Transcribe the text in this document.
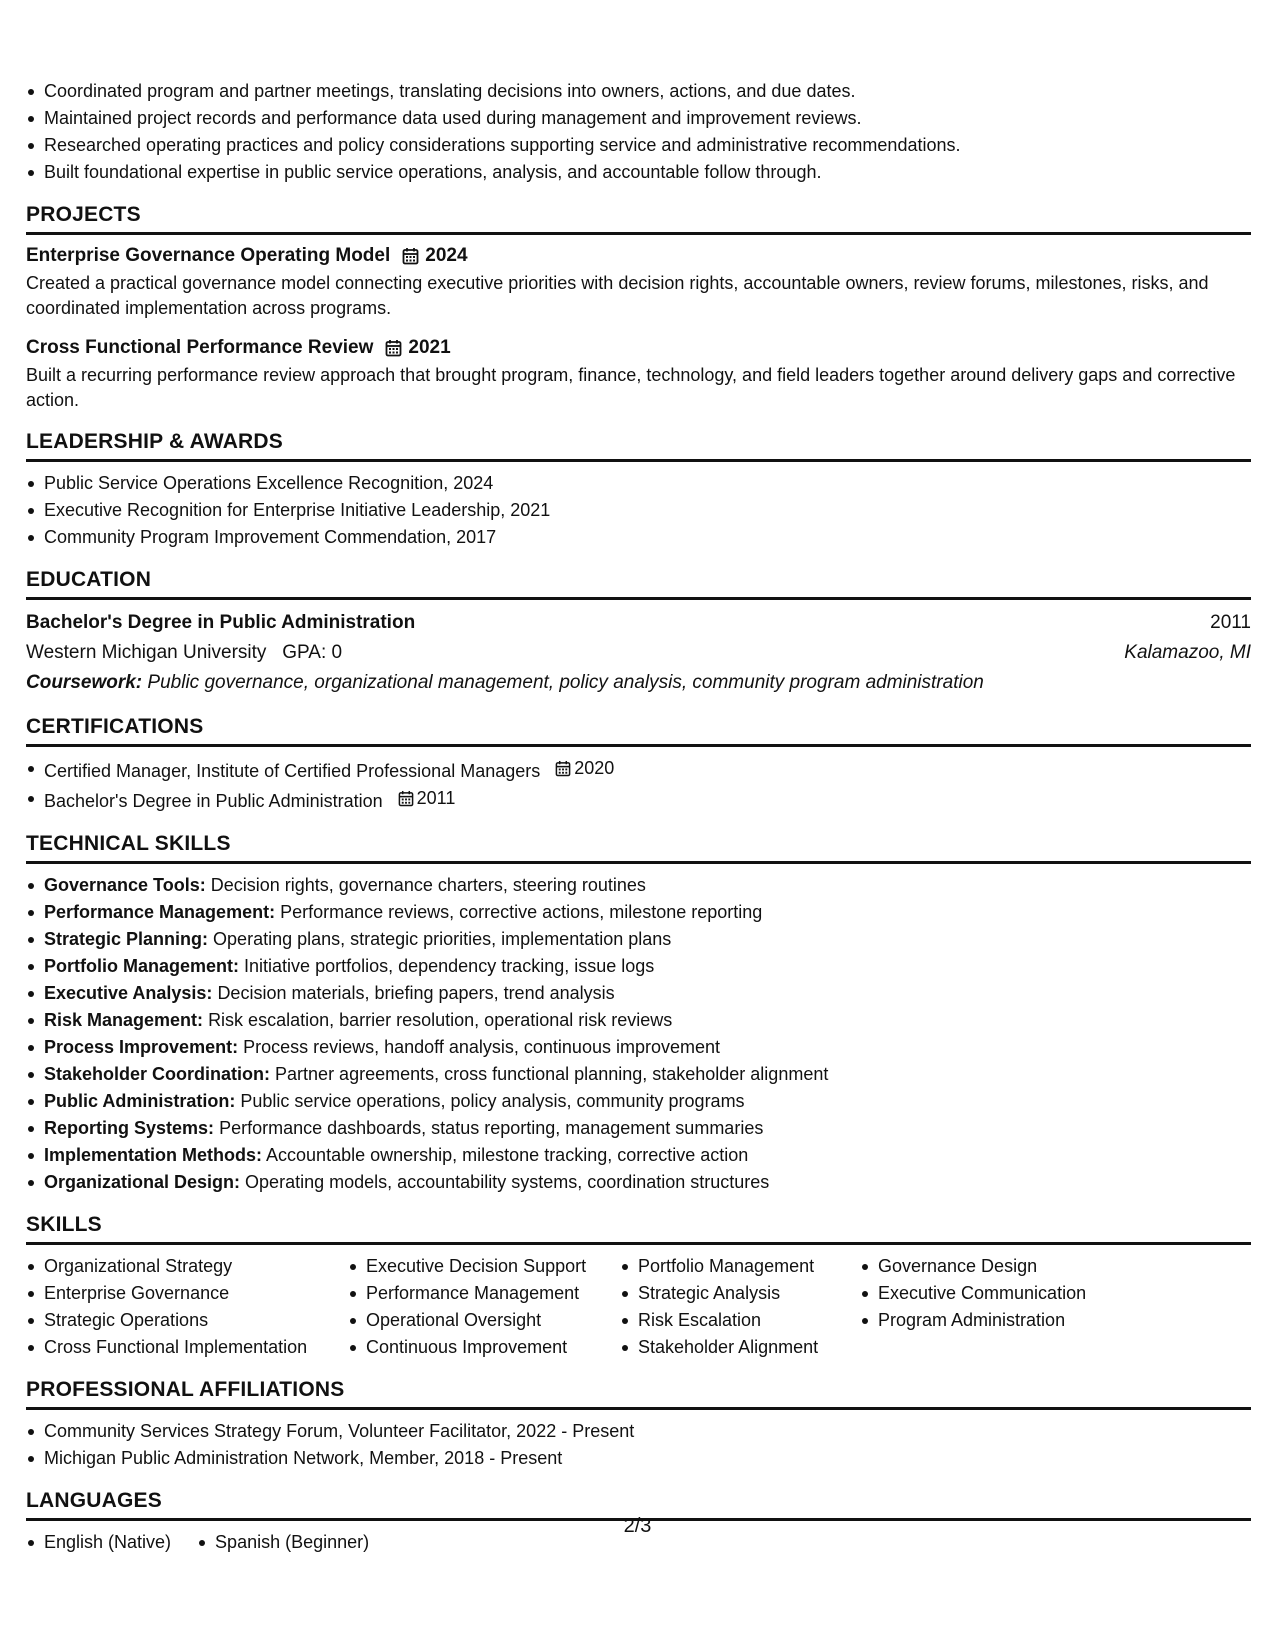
Coordinated program and partner meetings, translating decisions into owners, actions, and due dates.
Maintained project records and performance data used during management and improvement reviews.
Researched operating practices and policy considerations supporting service and administrative recommendations.
Built foundational expertise in public service operations, analysis, and accountable follow through.
PROJECTS
Enterprise Governance Operating Model 2024
Created a practical governance model connecting executive priorities with decision rights, accountable owners, review forums, milestones, risks, and coordinated implementation across programs.
Cross Functional Performance Review 2021
Built a recurring performance review approach that brought program, finance, technology, and field leaders together around delivery gaps and corrective action.
LEADERSHIP & AWARDS
Public Service Operations Excellence Recognition, 2024
Executive Recognition for Enterprise Initiative Leadership, 2021
Community Program Improvement Commendation, 2017
EDUCATION
Bachelor's Degree in Public Administration	2011
Western Michigan University GPA: 0	Kalamazoo, MI
Coursework: Public governance, organizational management, policy analysis, community program administration
CERTIFICATIONS
Certified Manager, Institute of Certified Professional Managers 2020
Bachelor's Degree in Public Administration 2011
TECHNICAL SKILLS
Governance Tools: Decision rights, governance charters, steering routines
Performance Management: Performance reviews, corrective actions, milestone reporting
Strategic Planning: Operating plans, strategic priorities, implementation plans
Portfolio Management: Initiative portfolios, dependency tracking, issue logs
Executive Analysis: Decision materials, briefing papers, trend analysis
Risk Management: Risk escalation, barrier resolution, operational risk reviews
Process Improvement: Process reviews, handoff analysis, continuous improvement
Stakeholder Coordination: Partner agreements, cross functional planning, stakeholder alignment
Public Administration: Public service operations, policy analysis, community programs
Reporting Systems: Performance dashboards, status reporting, management summaries
Implementation Methods: Accountable ownership, milestone tracking, corrective action
Organizational Design: Operating models, accountability systems, coordination structures
SKILLS
Organizational Strategy
Enterprise Governance
Strategic Operations
Cross Functional Implementation
Executive Decision Support
Performance Management
Operational Oversight
Continuous Improvement
Portfolio Management
Strategic Analysis
Risk Escalation
Stakeholder Alignment
Governance Design
Executive Communication
Program Administration
PROFESSIONAL AFFILIATIONS
Community Services Strategy Forum, Volunteer Facilitator, 2022 - Present
Michigan Public Administration Network, Member, 2018 - Present
LANGUAGES
English (Native) Spanish (Beginner)
2/3
